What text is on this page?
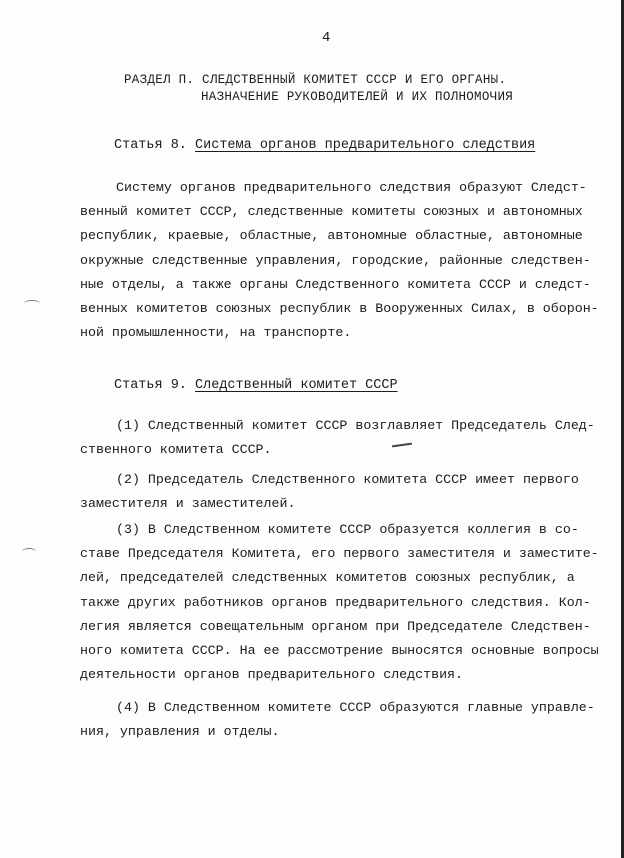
4
РАЗДЕЛ П. СЛЕДСТВЕННЫЙ КОМИТЕТ СССР И ЕГО ОРГАНЫ.
НАЗНАЧЕНИЕ РУКОВОДИТЕЛЕЙ И ИХ ПОЛНОМОЧИЯ
Статья 8. Система органов предварительного следствия
Систему органов предварительного следствия образуют Следст-
венный комитет СССР, следственные комитеты союзных и автономных
республик, краевые, областные, автономные областные, автономные
окружные следственные управления, городские, районные следствен-
ные отделы, а также органы Следственного комитета СССР и следст-
венных комитетов союзных республик в Вооруженных Силах, в оборон-
ной промышленности, на транспорте.
Статья 9. Следственный комитет СССР
(1) Следственный комитет СССР возглавляет Председатель След-
ственного комитета СССР.
(2) Председатель Следственного комитета СССР имеет первого
заместителя и заместителей.
(3) В Следственном комитете СССР образуется коллегия в со-
ставе Председателя Комитета, его первого заместителя и заместите-
лей, председателей следственных комитетов союзных республик, а
также других работников органов предварительного следствия. Кол-
легия является совещательным органом при Председателе Следствен-
ного комитета СССР. На ее рассмотрение выносятся основные вопросы
деятельности органов предварительного следствия.
(4) В Следственном комитете СССР образуются главные управле-
ния, управления и отделы.
